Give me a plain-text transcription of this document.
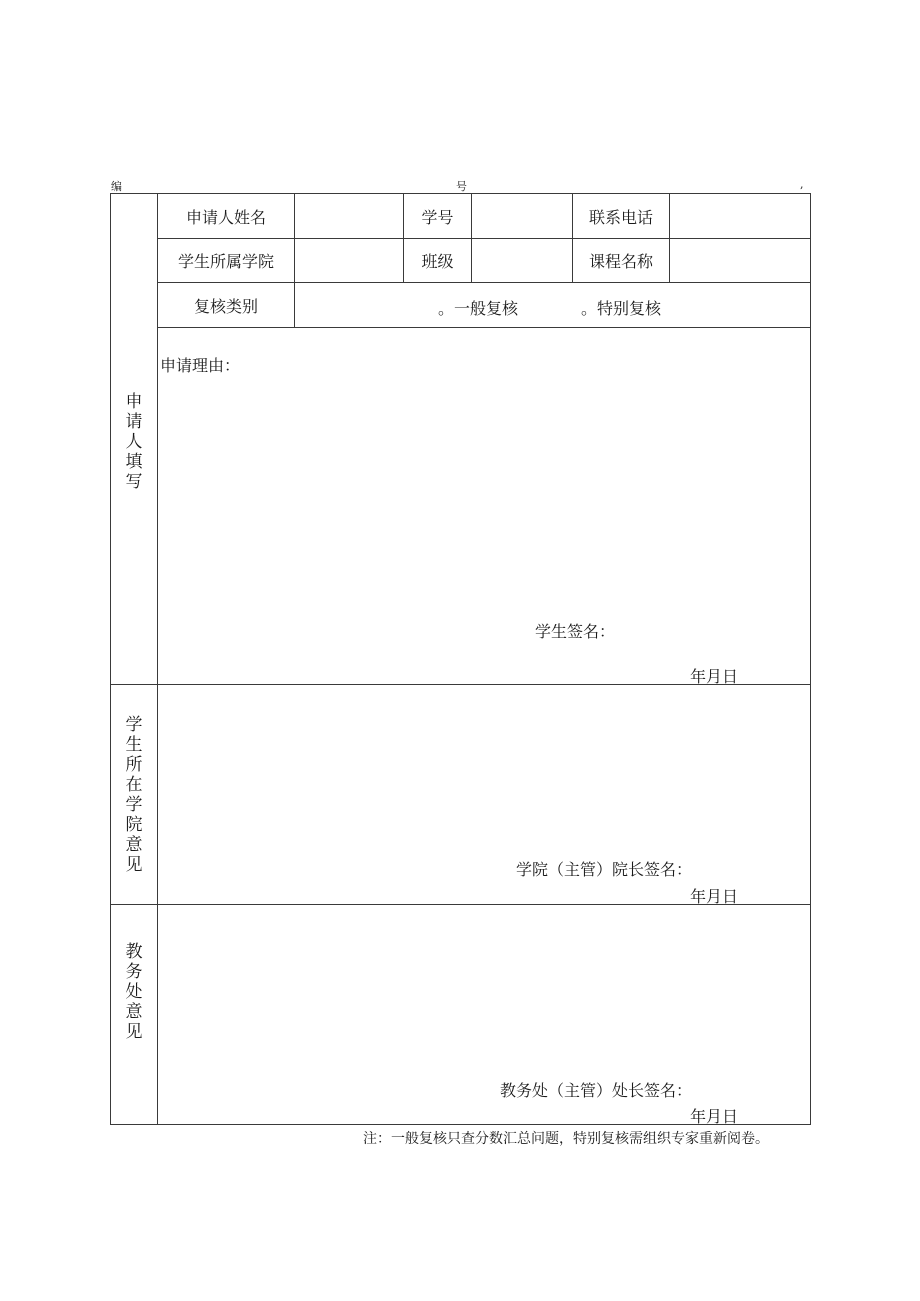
编	号	,
申请人姓名	学号	联系电话
学生所属学院	班级	课程名称
复核类别	。一般复核	。特别复核
申
请
人
填
写
申请理由：
学生签名：
年月日
学
生
所
在
学
院
意
见	学院（主管）院长签名：
年月日
教
务
处
意
见
教务处（主管）处长签名：
年月日
注：一般复核只查分数汇总问题，特别复核需组织专家重新阅卷。
